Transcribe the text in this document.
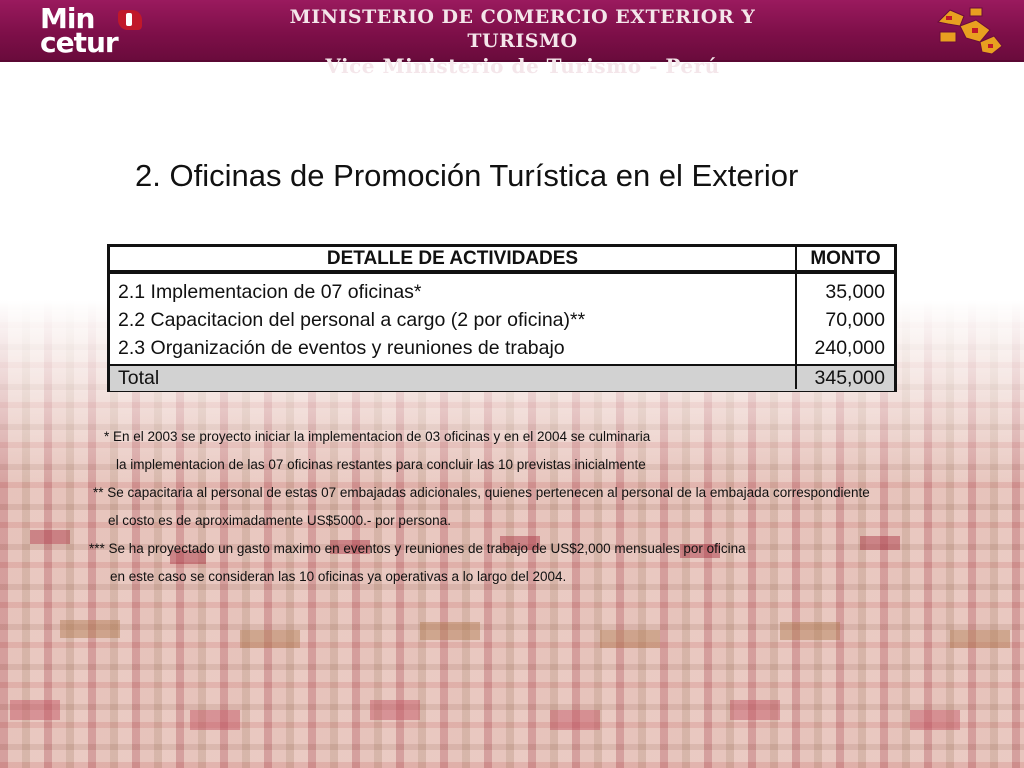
Min
cetur
MINISTERIO DE COMERCIO EXTERIOR Y TURISMO
Vice Ministerio de Turismo - Perú
2. Oficinas de Promoción Turística en el Exterior
DETALLE DE ACTIVIDADES	MONTO
2.1 Implementacion de 07 oficinas*	35,000
2.2 Capacitacion del personal a cargo (2 por oficina)**	70,000
2.3 Organización de eventos y reuniones de trabajo	240,000
Total	345,000
* En el 2003 se proyecto iniciar la implementacion de 03 oficinas y en el 2004 se culminaria
la implementacion de las 07 oficinas restantes para concluir las 10 previstas inicialmente
** Se capacitaria al personal de estas 07 embajadas adicionales, quienes pertenecen al personal de la embajada correspondiente
el costo es de aproximadamente US$5000.- por persona.
*** Se ha proyectado un gasto maximo en eventos y reuniones de trabajo de US$2,000 mensuales por oficina
en este caso se consideran las 10 oficinas ya operativas a lo largo del 2004.
